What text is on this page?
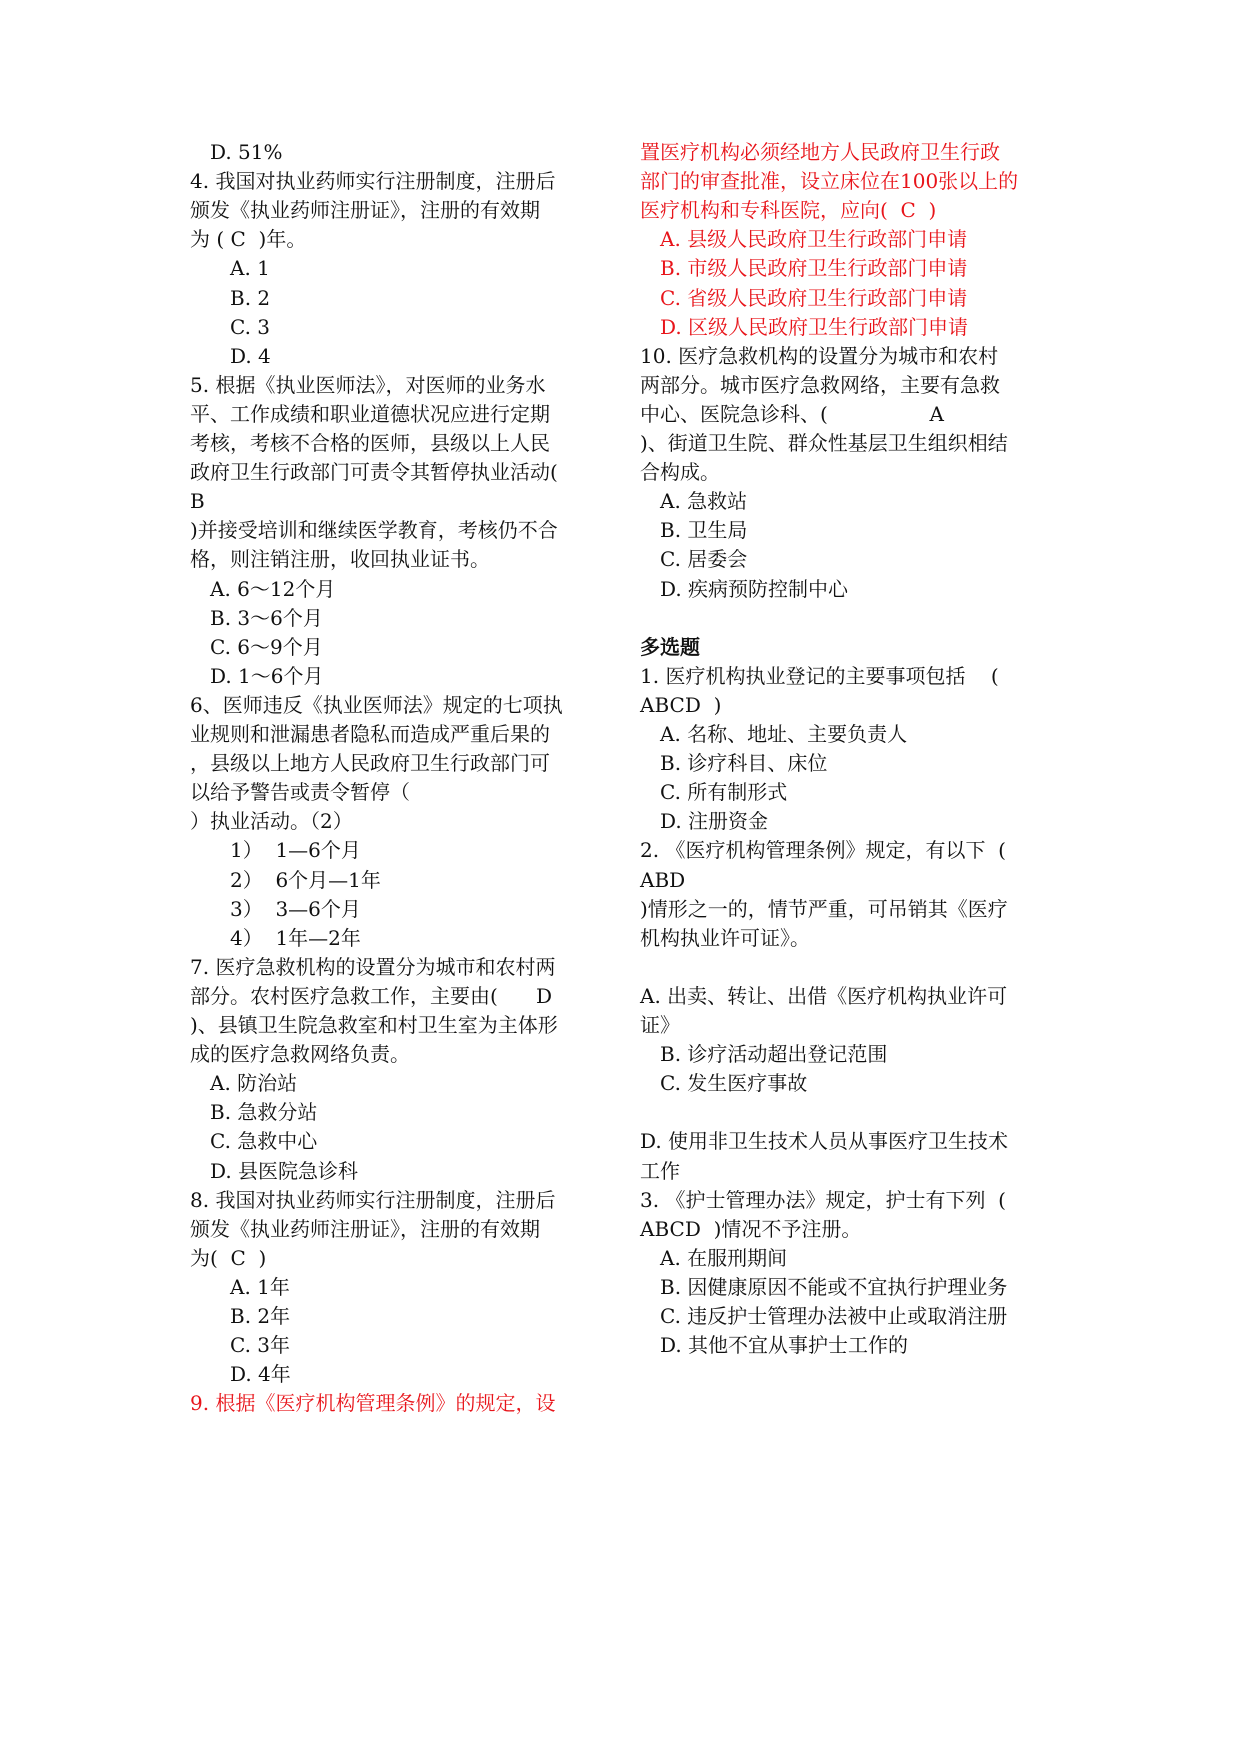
D. 51%
4. 我国对执业药师实行注册制度，注册后
颁发《执业药师注册证》，注册的有效期
为 ( C  )年。
A. 1
B. 2
C. 3
D. 4
5. 根据《执业医师法》，对医师的业务水
平、工作成绩和职业道德状况应进行定期
考核，考核不合格的医师，县级以上人民
政府卫生行政部门可责令其暂停执业活动(
B
)并接受培训和继续医学教育，考核仍不合
格，则注销注册，收回执业证书。
A. 6～12个月
B. 3～6个月
C. 6～9个月
D. 1～6个月
6、医师违反《执业医师法》规定的七项执
业规则和泄漏患者隐私而造成严重后果的
，县级以上地方人民政府卫生行政部门可
以给予警告或责令暂停（
）执业活动。（2）
1）  1—6个月
2）  6个月—1年
3）  3—6个月
4）  1年—2年
7. 医疗急救机构的设置分为城市和农村两
部分。农村医疗急救工作，主要由(      D
)、县镇卫生院急救室和村卫生室为主体形
成的医疗急救网络负责。
A. 防治站
B. 急救分站
C. 急救中心
D. 县医院急诊科
8. 我国对执业药师实行注册制度，注册后
颁发《执业药师注册证》，注册的有效期
为(  C  )
A. 1年
B. 2年
C. 3年
D. 4年
9. 根据《医疗机构管理条例》的规定，设
置医疗机构必须经地方人民政府卫生行政
部门的审查批准，设立床位在100张以上的
医疗机构和专科医院，应向(  C  )
A. 县级人民政府卫生行政部门申请
B. 市级人民政府卫生行政部门申请
C. 省级人民政府卫生行政部门申请
D. 区级人民政府卫生行政部门申请
10. 医疗急救机构的设置分为城市和农村
两部分。城市医疗急救网络，主要有急救
中心、医院急诊科、(                A
)、街道卫生院、群众性基层卫生组织相结
合构成。
A. 急救站
B. 卫生局
C. 居委会
D. 疾病预防控制中心
多选题
1. 医疗机构执业登记的主要事项包括    (
ABCD  )
A. 名称、地址、主要负责人
B. 诊疗科目、床位
C. 所有制形式
D. 注册资金
2. 《医疗机构管理条例》规定，有以下  (
ABD
)情形之一的，情节严重，可吊销其《医疗
机构执业许可证》。
A. 出卖、转让、出借《医疗机构执业许可
证》
B. 诊疗活动超出登记范围
C. 发生医疗事故
D. 使用非卫生技术人员从事医疗卫生技术
工作
3. 《护士管理办法》规定，护士有下列  (
ABCD  )情况不予注册。
A. 在服刑期间
B. 因健康原因不能或不宜执行护理业务
C. 违反护士管理办法被中止或取消注册
D. 其他不宜从事护士工作的
